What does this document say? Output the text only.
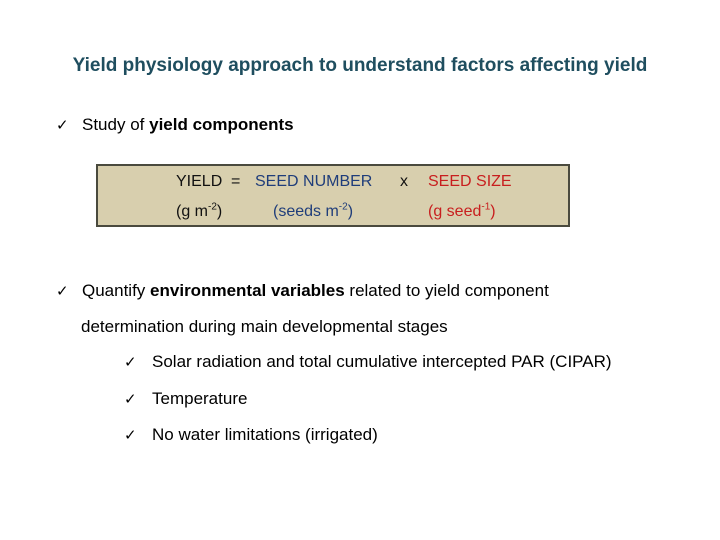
Yield physiology approach to understand factors affecting yield
✓ Study of yield components
YIELD = SEED NUMBER x SEED SIZE
(g $m^{-2}$)	(seeds $m^{-2}$)	(g seed$^{-1}$)
✓ Quantify environmental variables related to yield component
determination during main developmental stages
✓ Solar radiation and total cumulative intercepted PAR (CIPAR)
✓ Temperature
✓ No water limitations (irrigated)
